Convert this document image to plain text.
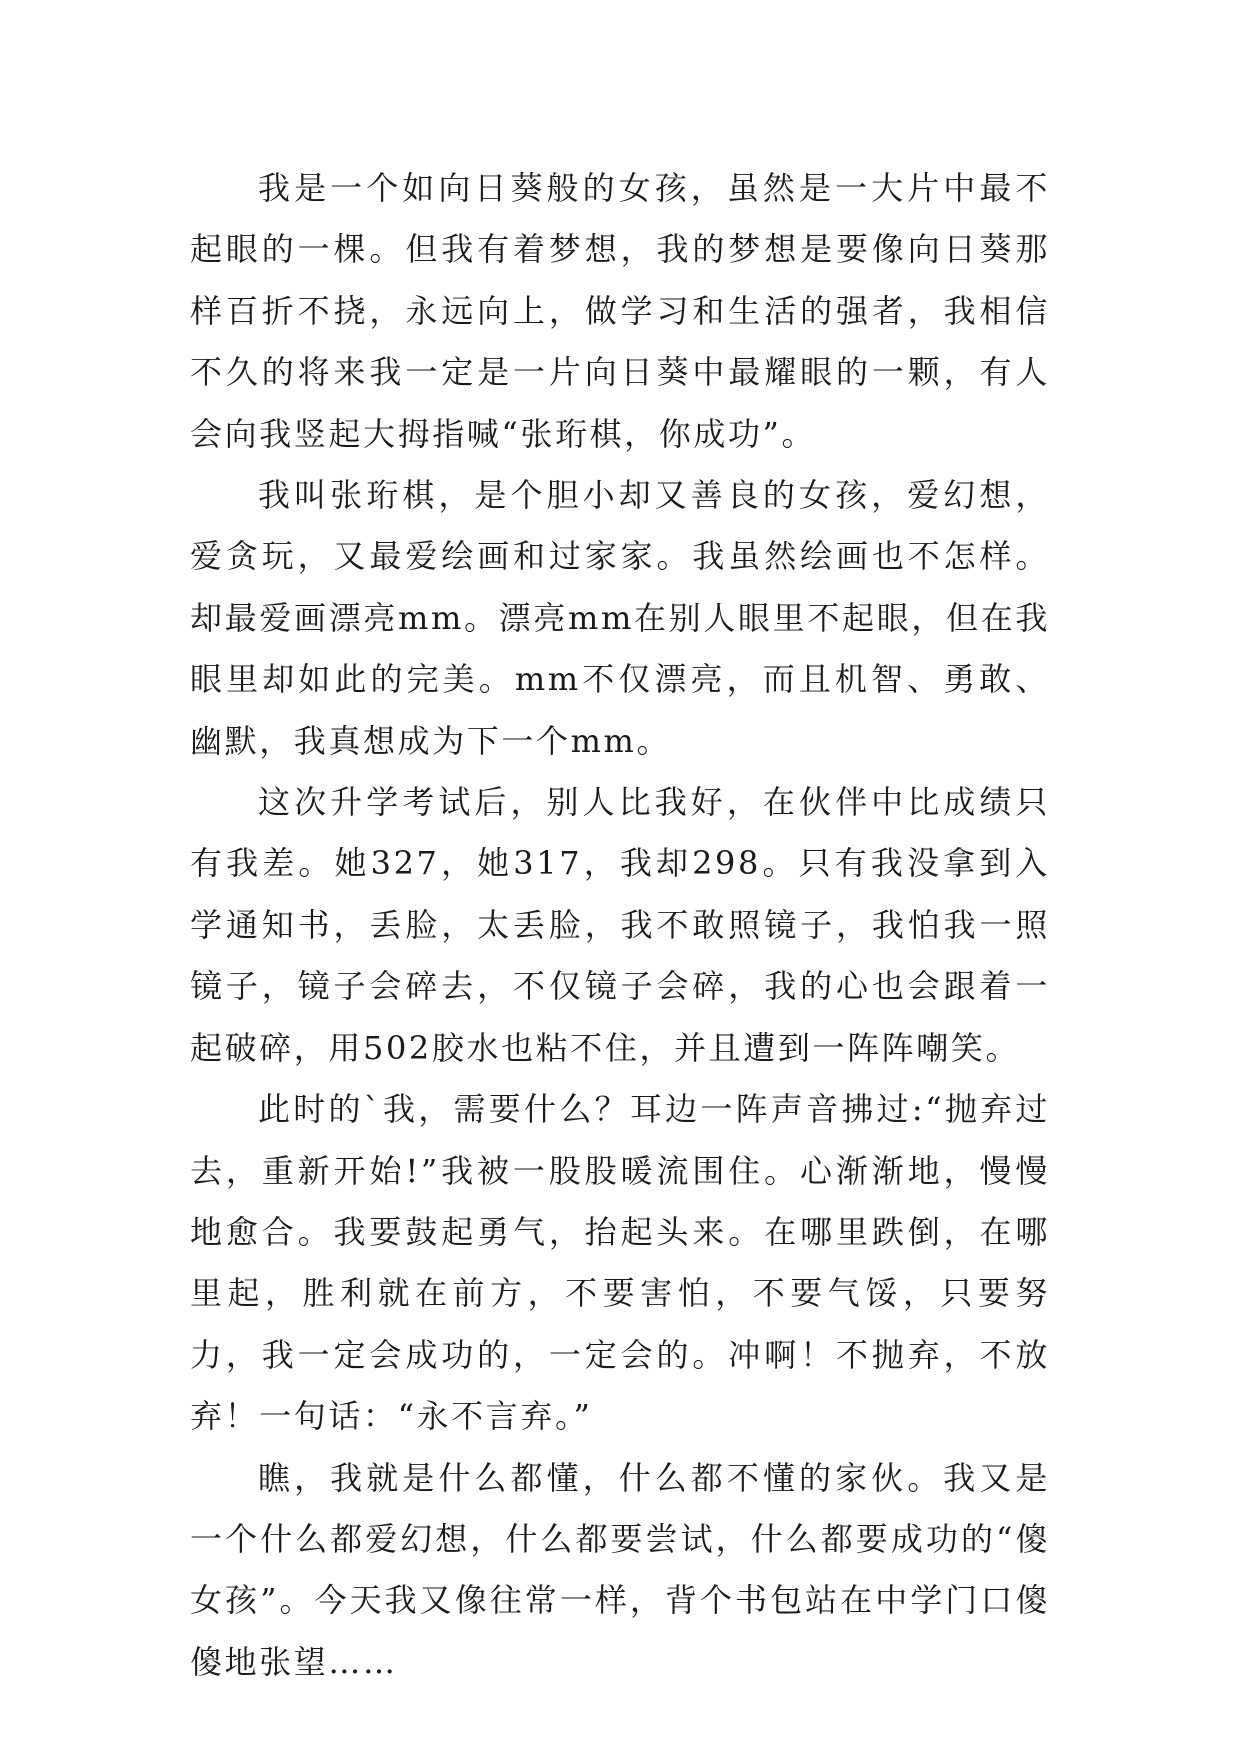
我是一个如向日葵般的女孩，虽然是一大片中最不起眼的一棵。但我有着梦想，我的梦想是要像向日葵那样百折不挠，永远向上，做学习和生活的强者，我相信不久的将来我一定是一片向日葵中最耀眼的一颗，有人会向我竖起大拇指喊“张珩棋，你成功”。

我叫张珩棋，是个胆小却又善良的女孩，爱幻想，爱贪玩，又最爱绘画和过家家。我虽然绘画也不怎样。却最爱画漂亮mm。漂亮mm在别人眼里不起眼，但在我眼里却如此的完美。mm不仅漂亮，而且机智、勇敢、幽默，我真想成为下一个mm。

这次升学考试后，别人比我好，在伙伴中比成绩只有我差。她327，她317，我却298。只有我没拿到入学通知书，丢脸，太丢脸，我不敢照镜子，我怕我一照镜子，镜子会碎去，不仅镜子会碎，我的心也会跟着一起破碎，用502胶水也粘不住，并且遭到一阵阵嘲笑。

此时的`我，需要什么？耳边一阵声音拂过:“抛弃过去，重新开始!”我被一股股暖流围住。心渐渐地，慢慢地愈合。我要鼓起勇气，抬起头来。在哪里跌倒，在哪里起，胜利就在前方，不要害怕，不要气馁，只要努力，我一定会成功的，一定会的。冲啊！不抛弃，不放弃！一句话：“永不言弃。”

瞧，我就是什么都懂，什么都不懂的家伙。我又是一个什么都爱幻想，什么都要尝试，什么都要成功的“傻女孩”。今天我又像往常一样，背个书包站在中学门口傻傻地张望……
